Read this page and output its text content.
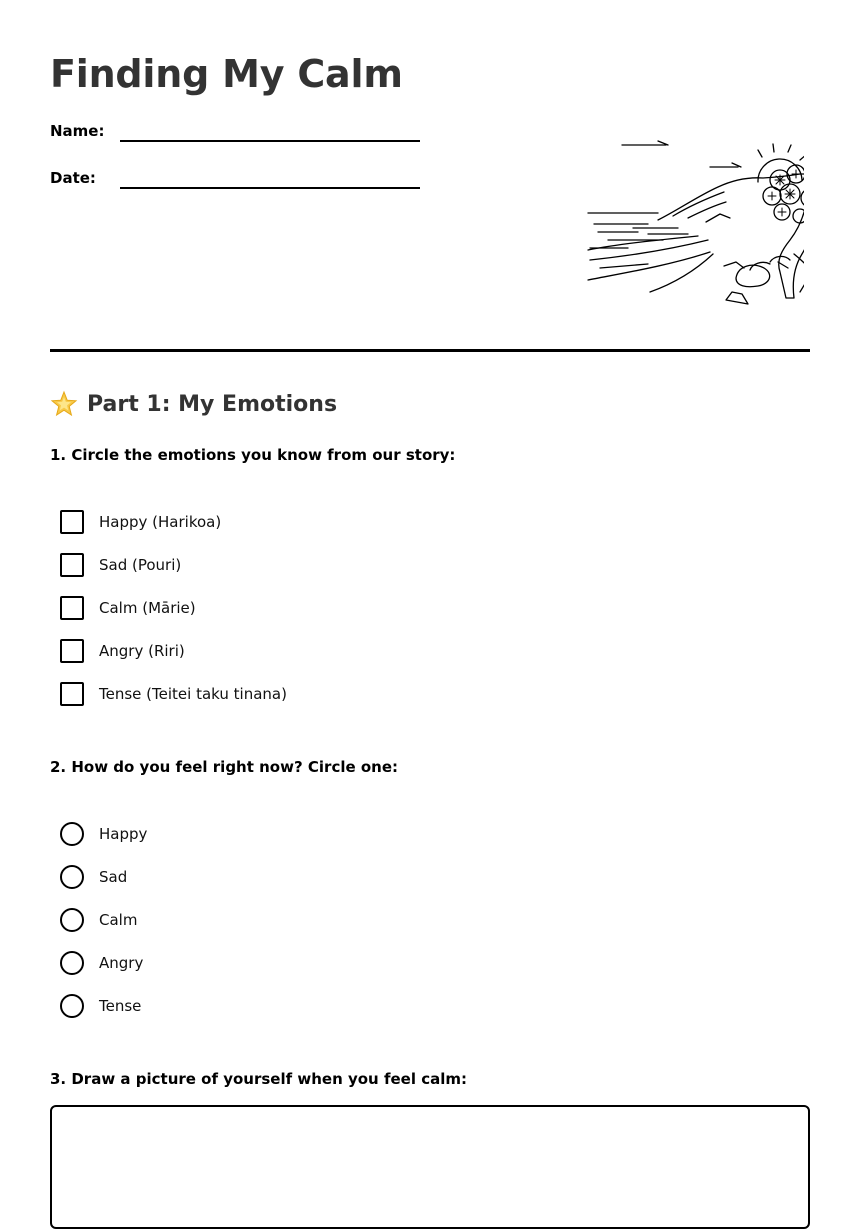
Finding My Calm
Name:
Date:
Part 1: My Emotions
1. Circle the emotions you know from our story:
Happy (Harikoa)
Sad (Pouri)
Calm (Mārie)
Angry (Riri)
Tense (Teitei taku tinana)
2. How do you feel right now? Circle one:
Happy
Sad
Calm
Angry
Tense
3. Draw a picture of yourself when you feel calm:
